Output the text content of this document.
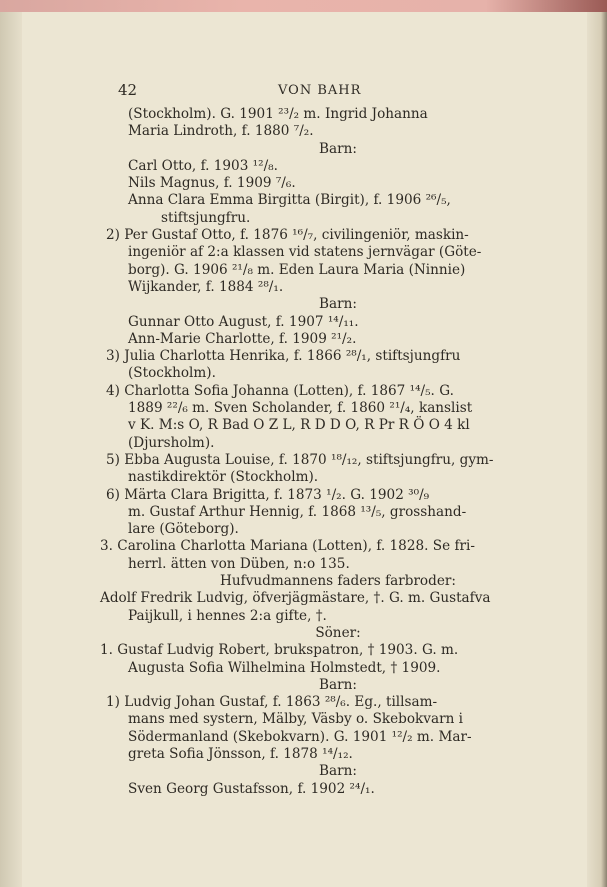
42	VON BAHR
(Stockholm). G. 1901 ²³/₂ m. Ingrid Johanna
Maria Lindroth, f. 1880 ⁷/₂.
Barn:
Carl Otto, f. 1903 ¹²/₈.
Nils Magnus, f. 1909 ⁷/₆.
Anna Clara Emma Birgitta (Birgit), f. 1906 ²⁶/₅,
stiftsjungfru.
2) Per Gustaf Otto, f. 1876 ¹⁶/₇, civilingeniör, maskin-
ingeniör af 2:a klassen vid statens jernvägar (Göte-
borg). G. 1906 ²¹/₈ m. Eden Laura Maria (Ninnie)
Wijkander, f. 1884 ²⁸/₁.
Barn:
Gunnar Otto August, f. 1907 ¹⁴/₁₁.
Ann-Marie Charlotte, f. 1909 ²¹/₂.
3) Julia Charlotta Henrika, f. 1866 ²⁸/₁, stiftsjungfru
(Stockholm).
4) Charlotta Sofia Johanna (Lotten), f. 1867 ¹⁴/₅. G.
1889 ²²/₆ m. Sven Scholander, f. 1860 ²¹/₄, kanslist
v K. M:s O, R Bad O Z L, R D D O, R Pr R Ö O 4 kl
(Djursholm).
5) Ebba Augusta Louise, f. 1870 ¹⁸/₁₂, stiftsjungfru, gym-
nastikdirektör (Stockholm).
6) Märta Clara Brigitta, f. 1873 ¹/₂. G. 1902 ³⁰/₉
m. Gustaf Arthur Hennig, f. 1868 ¹³/₅, grosshand-
lare (Göteborg).
3. Carolina Charlotta Mariana (Lotten), f. 1828. Se fri-
herrl. ätten von Düben, n:o 135.
Hufvudmannens faders farbroder:
Adolf Fredrik Ludvig, öfverjägmästare, †. G. m. Gustafva
Paijkull, i hennes 2:a gifte, †.
Söner:
1. Gustaf Ludvig Robert, brukspatron, † 1903. G. m.
Augusta Sofia Wilhelmina Holmstedt, † 1909.
Barn:
1) Ludvig Johan Gustaf, f. 1863 ²⁸/₆. Eg., tillsam-
mans med systern, Mälby, Väsby o. Skebokvarn i
Södermanland (Skebokvarn). G. 1901 ¹²/₂ m. Mar-
greta Sofia Jönsson, f. 1878 ¹⁴/₁₂.
Barn:
Sven Georg Gustafsson, f. 1902 ²⁴/₁.
